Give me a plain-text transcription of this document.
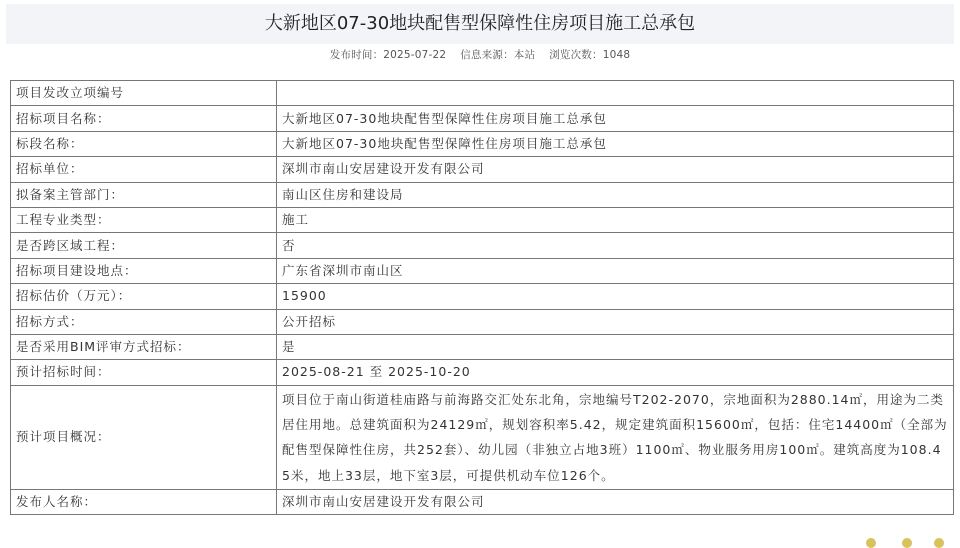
大新地区07-30地块配售型保障性住房项目施工总承包
发布时间：2025-07-22 信息来源：本站 浏览次数：1048
项目发改立项编号	
招标项目名称：	大新地区07-30地块配售型保障性住房项目施工总承包
标段名称：	大新地区07-30地块配售型保障性住房项目施工总承包
招标单位：	深圳市南山安居建设开发有限公司
拟备案主管部门：	南山区住房和建设局
工程专业类型：	施工
是否跨区域工程：	否
招标项目建设地点：	广东省深圳市南山区
招标估价（万元）：	15900
招标方式：	公开招标
是否采用BIM评审方式招标：	是
预计招标时间：	2025-08-21 至 2025-10-20
预计项目概况：	项目位于南山街道桂庙路与前海路交汇处东北角，宗地编号T202-2070，宗地面积为2880.14㎡，用途为二类居住用地。总建筑面积为24129㎡，规划容积率5.42，规定建筑面积15600㎡，包括：住宅14400㎡（全部为配售型保障性住房，共252套）、幼儿园（非独立占地3班）1100㎡、物业服务用房100㎡。建筑高度为108.45米，地上33层，地下室3层，可提供机动车位126个。
发布人名称：	深圳市南山安居建设开发有限公司
